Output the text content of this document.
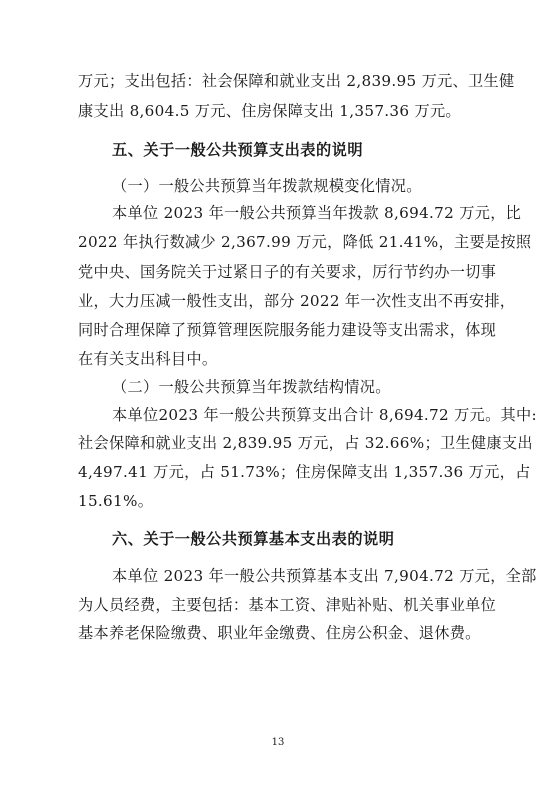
万元；支出包括：社会保障和就业支出 2,839.95 万元、卫生健
康支出 8,604.5 万元、住房保障支出 1,357.36 万元。
五、关于一般公共预算支出表的说明
（一）一般公共预算当年拨款规模变化情况。
本单位 2023 年一般公共预算当年拨款 8,694.72 万元，比
2022 年执行数减少 2,367.99 万元，降低 21.41%，主要是按照
党中央、国务院关于过紧日子的有关要求，厉行节约办一切事
业，大力压减一般性支出，部分 2022 年一次性支出不再安排，
同时合理保障了预算管理医院服务能力建设等支出需求，体现
在有关支出科目中。
（二）一般公共预算当年拨款结构情况。
本单位2023 年一般公共预算支出合计 8,694.72 万元。其中:
社会保障和就业支出 2,839.95 万元，占 32.66%；卫生健康支出
4,497.41 万元，占 51.73%；住房保障支出 1,357.36 万元，占
15.61%。
六、关于一般公共预算基本支出表的说明
本单位 2023 年一般公共预算基本支出 7,904.72 万元，全部
为人员经费，主要包括：基本工资、津贴补贴、机关事业单位
基本养老保险缴费、职业年金缴费、住房公积金、退休费。
13
